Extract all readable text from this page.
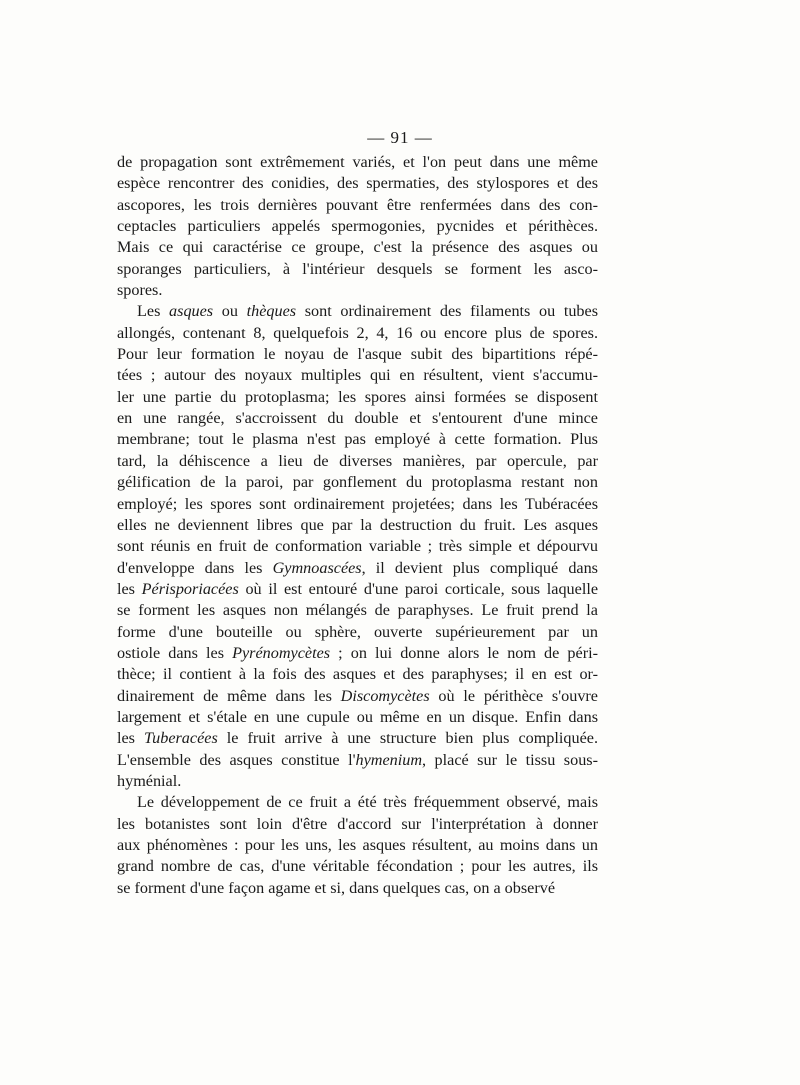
— 91 —

de propagation sont extrêmement variés, et l'on peut dans une même
espèce rencontrer des conidies, des spermaties, des stylospores et des
ascopores, les trois dernières pouvant être renfermées dans des con-
ceptacles particuliers appelés spermogonies, pycnides et périthèces.
Mais ce qui caractérise ce groupe, c'est la présence des asques ou
sporanges particuliers, à l'intérieur desquels se forment les asco-
spores.

Les asques ou thèques sont ordinairement des filaments ou tubes
allongés, contenant 8, quelquefois 2, 4, 16 ou encore plus de spores.
Pour leur formation le noyau de l'asque subit des bipartitions répé-
tées ; autour des noyaux multiples qui en résultent, vient s'accumu-
ler une partie du protoplasma; les spores ainsi formées se disposent
en une rangée, s'accroissent du double et s'entourent d'une mince
membrane; tout le plasma n'est pas employé à cette formation. Plus
tard, la déhiscence a lieu de diverses manières, par opercule, par
gélification de la paroi, par gonflement du protoplasma restant non
employé; les spores sont ordinairement projetées; dans les Tubéracées
elles ne deviennent libres que par la destruction du fruit. Les asques
sont réunis en fruit de conformation variable ; très simple et dépourvu
d'enveloppe dans les Gymnoascées, il devient plus compliqué dans
les Périsporiacées où il est entouré d'une paroi corticale, sous laquelle
se forment les asques non mélangés de paraphyses. Le fruit prend la
forme d'une bouteille ou sphère, ouverte supérieurement par un
ostiole dans les Pyrénomycètes ; on lui donne alors le nom de péri-
thèce; il contient à la fois des asques et des paraphyses; il en est or-
dinairement de même dans les Discomycètes où le périthèce s'ouvre
largement et s'étale en une cupule ou même en un disque. Enfin dans
les Tuberacées le fruit arrive à une structure bien plus compliquée.
L'ensemble des asques constitue l'hymenium, placé sur le tissu sous-
hyménial.

Le développement de ce fruit a été très fréquemment observé, mais
les botanistes sont loin d'être d'accord sur l'interprétation à donner
aux phénomènes : pour les uns, les asques résultent, au moins dans un
grand nombre de cas, d'une véritable fécondation ; pour les autres, ils
se forment d'une façon agame et si, dans quelques cas, on a observé
